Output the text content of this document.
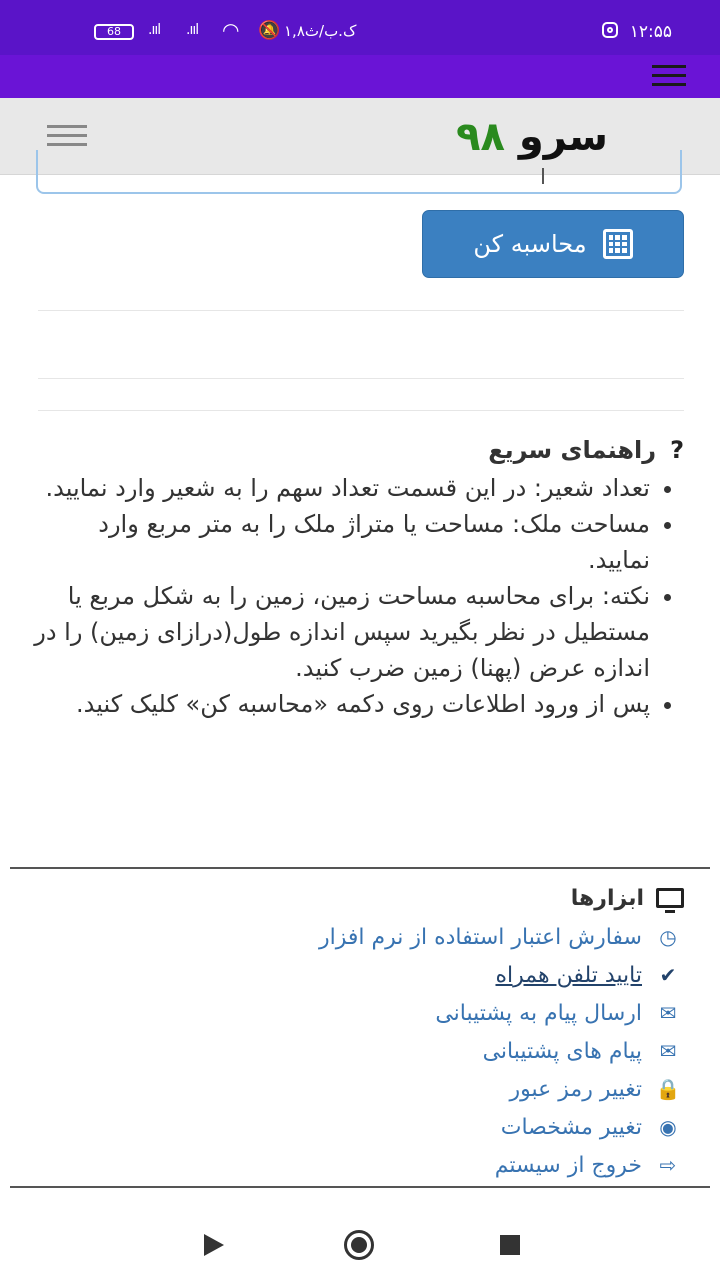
۱۲:۵۵
۱,۸ک.ب/ث
🔕
◠
.ııl
.ııl
68
سرو ۹۸
محاسبه کن
?
راهنمای سریع
• تعداد شعیر: در این قسمت تعداد سهم را به شعیر وارد نمایید.
• مساحت ملک: مساحت یا متراژ ملک را به متر مربع وارد نمایید.
• نکته: برای محاسبه مساحت زمین، زمین را به شکل مربع یا مستطیل در نظر بگیرید سپس اندازه طول(درازای زمین) را در اندازه عرض (پهنا) زمین ضرب کنید.
• پس از ورود اطلاعات روی دکمه «محاسبه کن» کلیک کنید.
ابزارها
◷
سفارش اعتبار استفاده از نرم افزار
✔
تایید تلفن همراه
✉
ارسال پیام به پشتیبانی
✉
پیام های پشتیبانی
🔒
تغییر رمز عبور
◉
تغییر مشخصات
⇨
خروج از سیستم
